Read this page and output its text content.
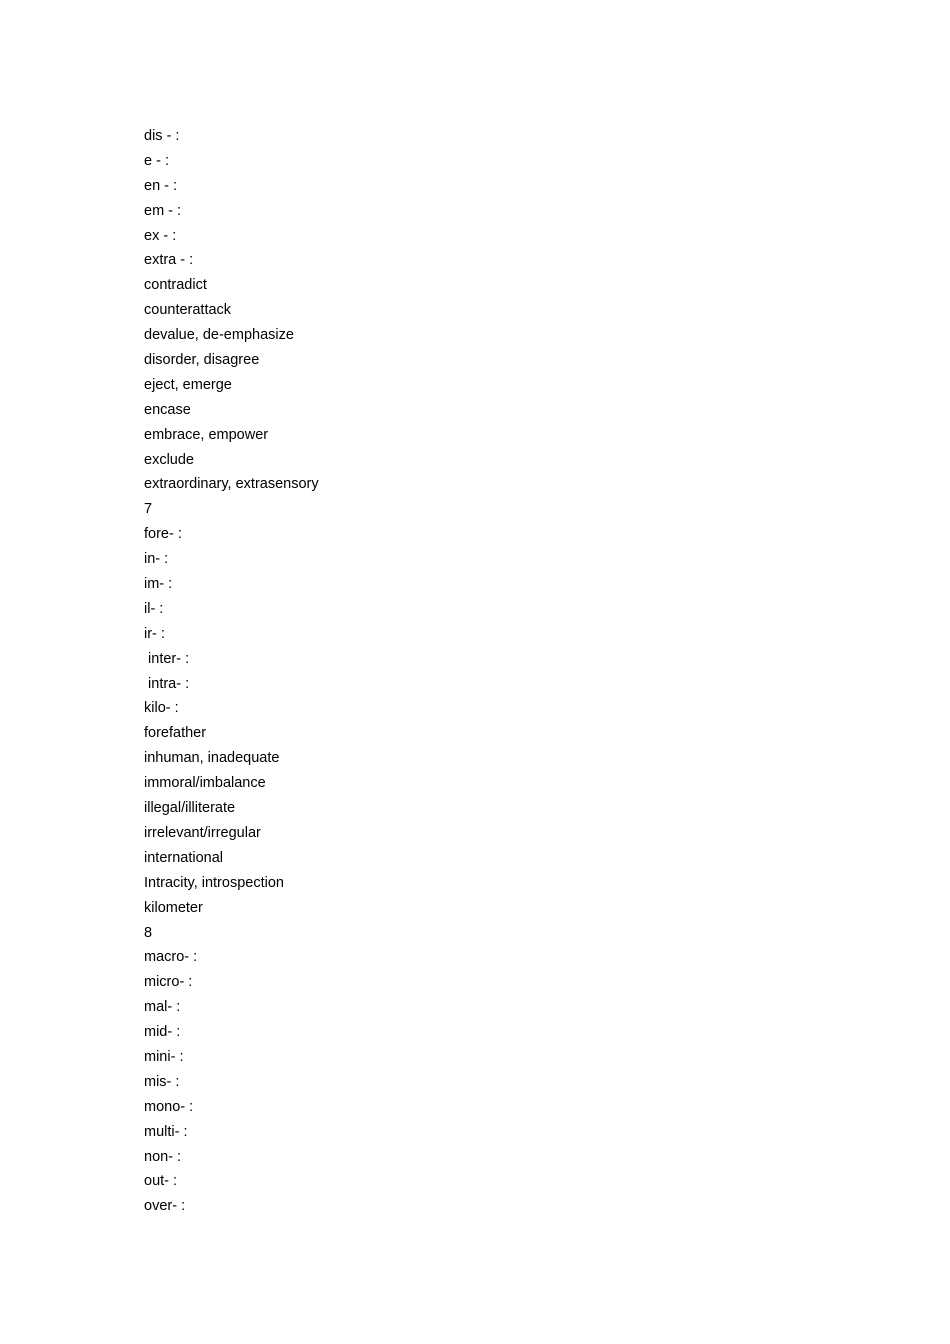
dis - :
e - :
en - :
em - :
ex - :
extra - :
contradict
counterattack
devalue, de-emphasize
disorder, disagree
eject, emerge
encase
embrace, empower
exclude
extraordinary, extrasensory
7
fore- :
in- :
im- :
il- :
ir- :
inter- :
intra- :
kilo- :
forefather
inhuman, inadequate
immoral/imbalance
illegal/illiterate
irrelevant/irregular
international
Intracity, introspection
kilometer
8
macro- :
micro- :
mal- :
mid- :
mini- :
mis- :
mono- :
multi- :
non- :
out- :
over- :
